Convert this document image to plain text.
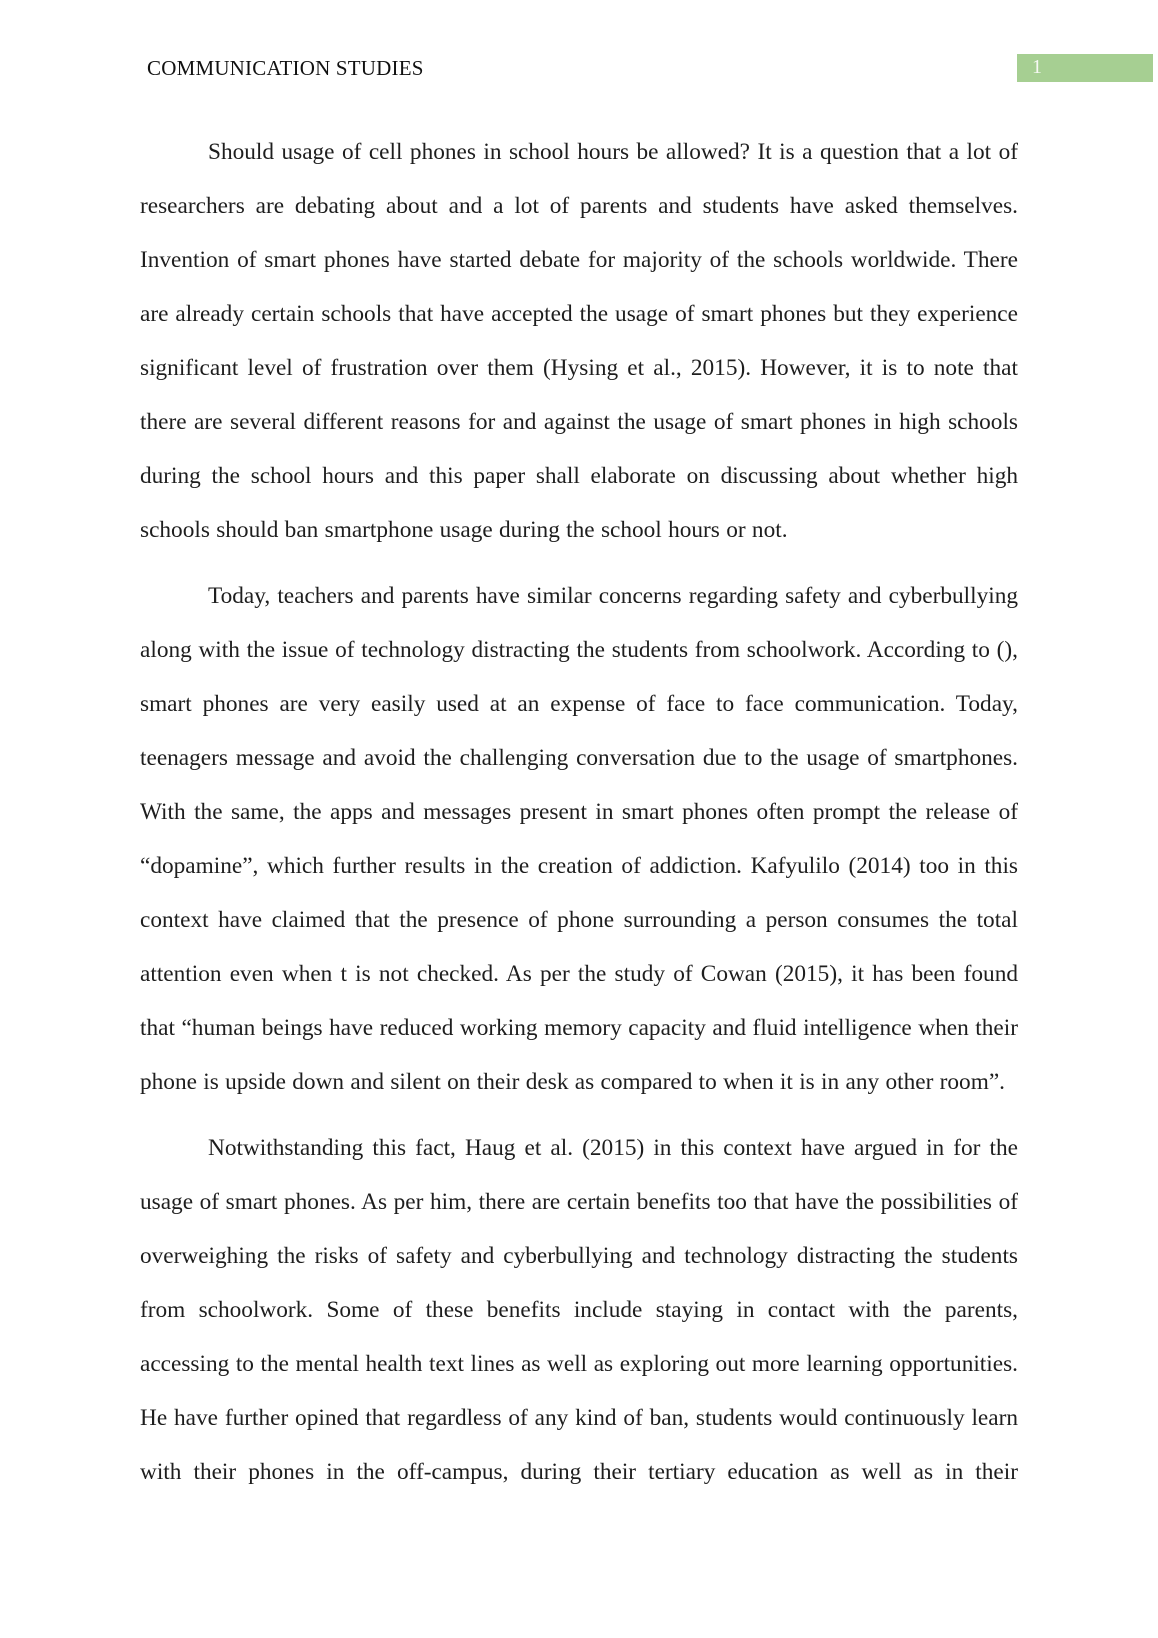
COMMUNICATION STUDIES	1
Should usage of cell phones in school hours be allowed? It is a question that a lot of
researchers are debating about and a lot of parents and students have asked themselves.
Invention of smart phones have started debate for majority of the schools worldwide. There
are already certain schools that have accepted the usage of smart phones but they experience
significant level of frustration over them (Hysing et al., 2015). However, it is to note that
there are several different reasons for and against the usage of smart phones in high schools
during the school hours and this paper shall elaborate on discussing about whether high
schools should ban smartphone usage during the school hours or not.
Today, teachers and parents have similar concerns regarding safety and cyberbullying
along with the issue of technology distracting the students from schoolwork. According to (),
smart phones are very easily used at an expense of face to face communication. Today,
teenagers message and avoid the challenging conversation due to the usage of smartphones.
With the same, the apps and messages present in smart phones often prompt the release of
“dopamine”, which further results in the creation of addiction. Kafyulilo (2014) too in this
context have claimed that the presence of phone surrounding a person consumes the total
attention even when t is not checked. As per the study of Cowan (2015), it has been found
that “human beings have reduced working memory capacity and fluid intelligence when their
phone is upside down and silent on their desk as compared to when it is in any other room”.
Notwithstanding this fact, Haug et al. (2015) in this context have argued in for the
usage of smart phones. As per him, there are certain benefits too that have the possibilities of
overweighing the risks of safety and cyberbullying and technology distracting the students
from schoolwork. Some of these benefits include staying in contact with the parents,
accessing to the mental health text lines as well as exploring out more learning opportunities.
He have further opined that regardless of any kind of ban, students would continuously learn
with their phones in the off-campus, during their tertiary education as well as in their
